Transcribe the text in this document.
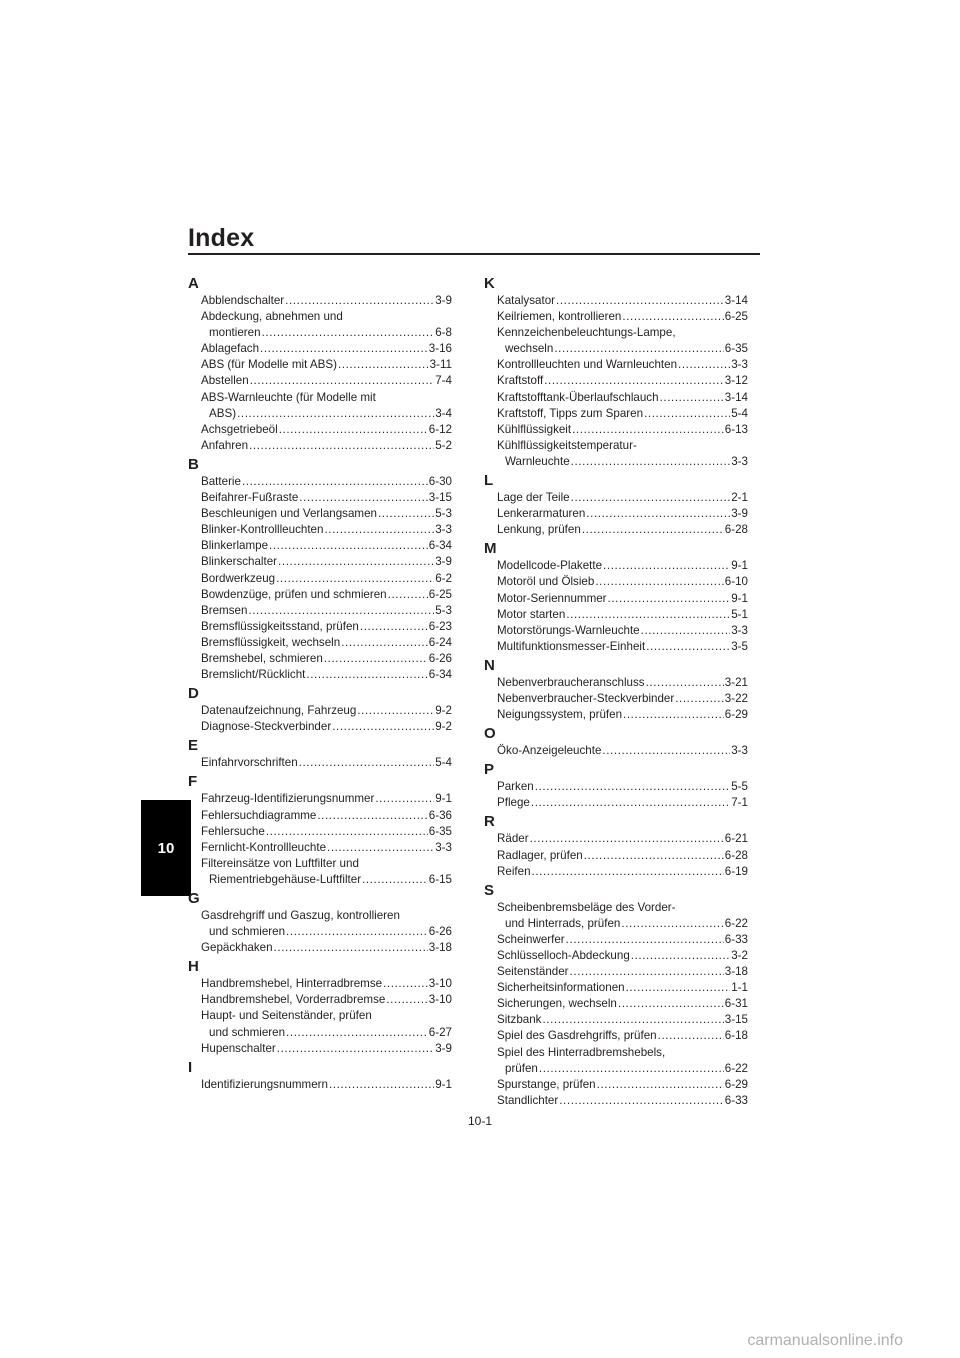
Index
10
A
Abblendschalter .....	3-9
Abdeckung, abnehmen und
montieren .....	6-8
Ablagefach .....	3-16
ABS (für Modelle mit ABS) .....	3-11
Abstellen .....	7-4
ABS-Warnleuchte (für Modelle mit
ABS) .....	3-4
Achsgetriebeöl .....	6-12
Anfahren .....	5-2
B
Batterie .....	6-30
Beifahrer-Fußraste .....	3-15
Beschleunigen und Verlangsamen .....	5-3
Blinker-Kontrollleuchten .....	3-3
Blinkerlampe .....	6-34
Blinkerschalter .....	3-9
Bordwerkzeug .....	6-2
Bowdenzüge, prüfen und schmieren .....	6-25
Bremsen .....	5-3
Bremsflüssigkeitsstand, prüfen .....	6-23
Bremsflüssigkeit, wechseln .....	6-24
Bremshebel, schmieren .....	6-26
Bremslicht/Rücklicht .....	6-34
D
Datenaufzeichnung, Fahrzeug .....	9-2
Diagnose-Steckverbinder .....	9-2
E
Einfahrvorschriften .....	5-4
F
Fahrzeug-Identifizierungsnummer .....	9-1
Fehlersuchdiagramme .....	6-36
Fehlersuche .....	6-35
Fernlicht-Kontrollleuchte .....	3-3
Filtereinsätze von Luftfilter und
Riementriebgehäuse-Luftfilter .....	6-15
G
Gasdrehgriff und Gaszug, kontrollieren
und schmieren .....	6-26
Gepäckhaken .....	3-18
H
Handbremshebel, Hinterradbremse .....	3-10
Handbremshebel, Vorderradbremse .....	3-10
Haupt- und Seitenständer, prüfen
und schmieren .....	6-27
Hupenschalter .....	3-9
I
Identifizierungsnummern .....	9-1
K
Katalysator .....	3-14
Keilriemen, kontrollieren .....	6-25
Kennzeichenbeleuchtungs-Lampe,
wechseln .....	6-35
Kontrollleuchten und Warnleuchten .....	3-3
Kraftstoff .....	3-12
Kraftstofftank-Überlaufschlauch .....	3-14
Kraftstoff, Tipps zum Sparen .....	5-4
Kühlflüssigkeit .....	6-13
Kühlflüssigkeitstemperatur-
Warnleuchte .....	3-3
L
Lage der Teile .....	2-1
Lenkerarmaturen .....	3-9
Lenkung, prüfen .....	6-28
M
Modellcode-Plakette .....	9-1
Motoröl und Ölsieb .....	6-10
Motor-Seriennummer .....	9-1
Motor starten .....	5-1
Motorstörungs-Warnleuchte .....	3-3
Multifunktionsmesser-Einheit .....	3-5
N
Nebenverbraucheranschluss .....	3-21
Nebenverbraucher-Steckverbinder .....	3-22
Neigungssystem, prüfen .....	6-29
O
Öko-Anzeigeleuchte .....	3-3
P
Parken .....	5-5
Pflege .....	7-1
R
Räder .....	6-21
Radlager, prüfen .....	6-28
Reifen .....	6-19
S
Scheibenbremsbeläge des Vorder-
und Hinterrads, prüfen .....	6-22
Scheinwerfer .....	6-33
Schlüsselloch-Abdeckung .....	3-2
Seitenständer .....	3-18
Sicherheitsinformationen .....	1-1
Sicherungen, wechseln .....	6-31
Sitzbank .....	3-15
Spiel des Gasdrehgriffs, prüfen .....	6-18
Spiel des Hinterradbremshebels,
prüfen .....	6-22
Spurstange, prüfen .....	6-29
Standlichter .....	6-33
10-1
carmanualsonline.info
